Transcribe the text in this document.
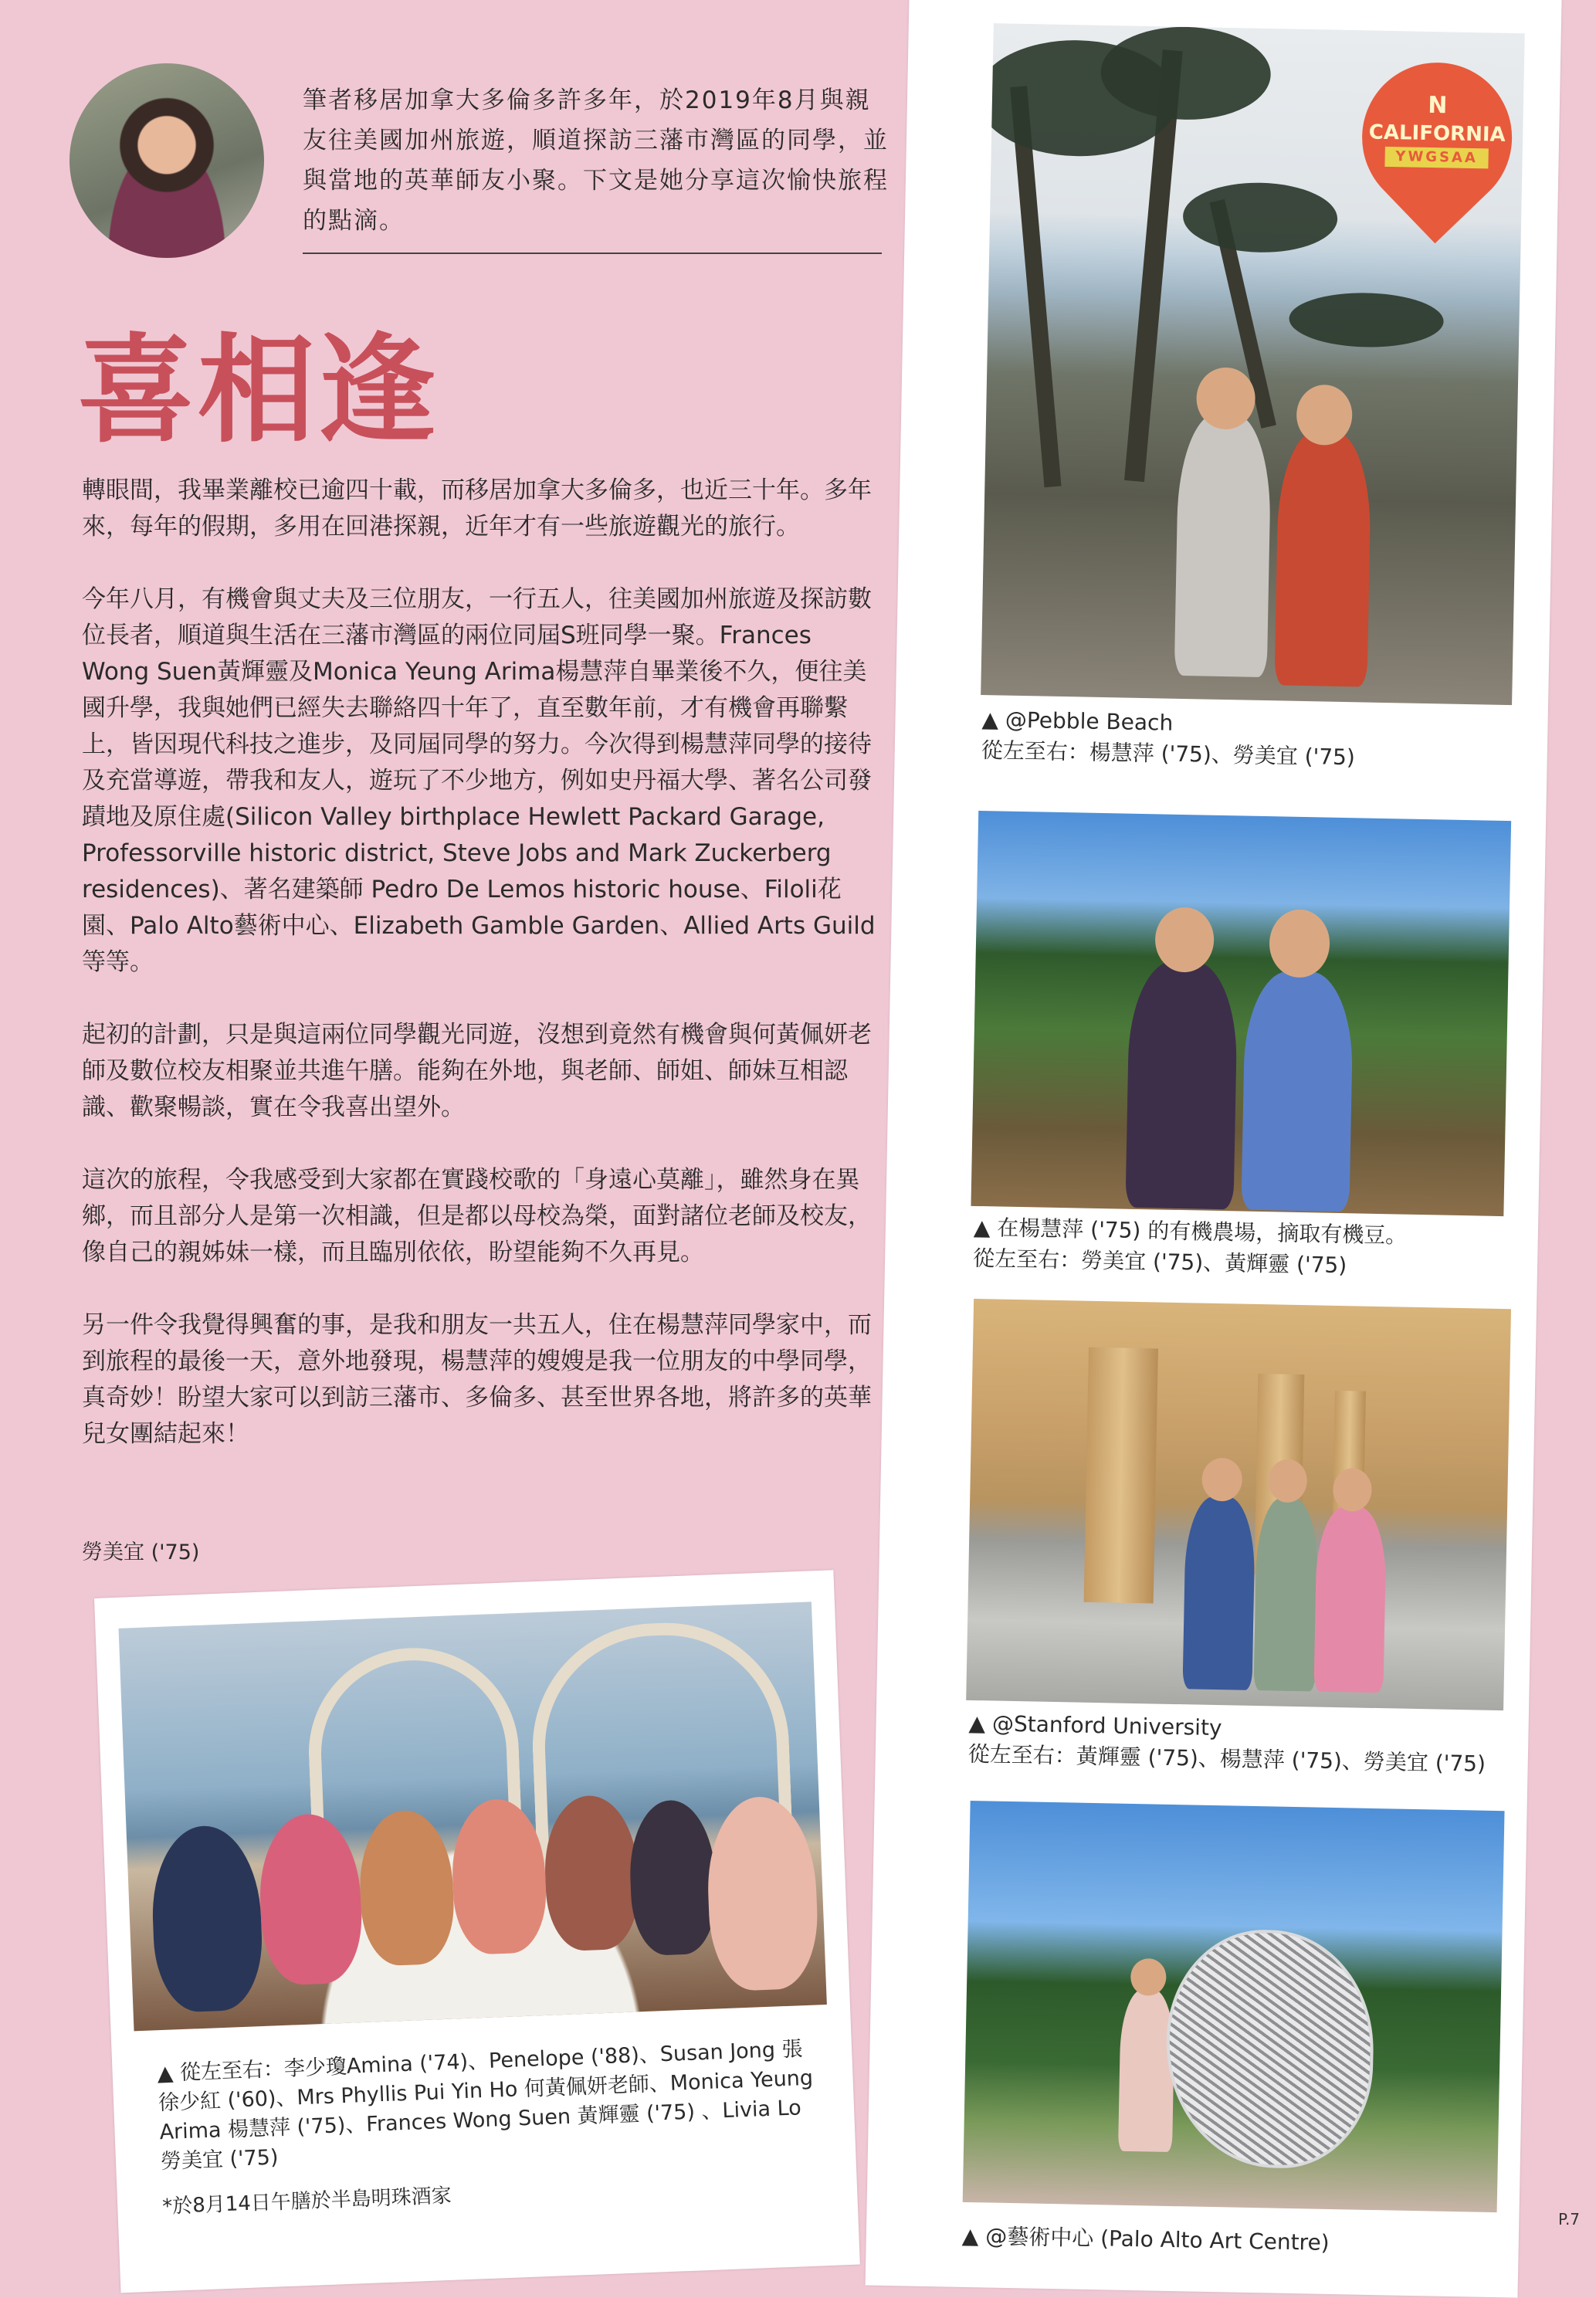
筆者移居加拿大多倫多許多年，於2019年8月與親友往美國加州旅遊，順道探訪三藩市灣區的同學，並與當地的英華師友小聚。下文是她分享這次愉快旅程的點滴。
喜相逢

轉眼間，我畢業離校已逾四十載，而移居加拿大多倫多，也近三十年。多年來，每年的假期，多用在回港探親，近年才有一些旅遊觀光的旅行。

今年八月，有機會與丈夫及三位朋友，一行五人，往美國加州旅遊及探訪數位長者，順道與生活在三藩市灣區的兩位同屆S班同學一聚。Frances Wong Suen黃輝靈及Monica Yeung Arima楊慧萍自畢業後不久，便往美國升學，我與她們已經失去聯絡四十年了，直至數年前，才有機會再聯繫上，皆因現代科技之進步，及同屆同學的努力。今次得到楊慧萍同學的接待及充當導遊，帶我和友人，遊玩了不少地方，例如史丹福大學、著名公司發蹟地及原住處(Silicon Valley birthplace Hewlett Packard Garage, Professorville historic district, Steve Jobs and Mark Zuckerberg residences)、著名建築師 Pedro De Lemos historic house、Filoli花園、Palo Alto藝術中心、Elizabeth Gamble Garden、Allied Arts Guild等等。

起初的計劃，只是與這兩位同學觀光同遊，沒想到竟然有機會與何黃佩妍老師及數位校友相聚並共進午膳。能夠在外地，與老師、師姐、師妹互相認識、歡聚暢談，實在令我喜出望外。

這次的旅程，令我感受到大家都在實踐校歌的「身遠心莫離」，雖然身在異鄉，而且部分人是第一次相識，但是都以母校為榮，面對諸位老師及校友，像自己的親姊妹一樣，而且臨別依依，盼望能夠不久再見。

另一件令我覺得興奮的事，是我和朋友一共五人，住在楊慧萍同學家中，而到旅程的最後一天，意外地發現，楊慧萍的嫂嫂是我一位朋友的中學同學，真奇妙！盼望大家可以到訪三藩市、多倫多、甚至世界各地，將許多的英華兒女團結起來！

勞美宜 ('75)
▲ 從左至右：李少瓊Amina ('74)、Penelope ('88)、Susan Jong 張徐少紅 ('60)、Mrs Phyllis Pui Yin Ho 何黃佩妍老師、Monica Yeung Arima 楊慧萍 ('75)、Frances Wong Suen 黃輝靈 ('75) 、Livia Lo 勞美宜 ('75)
*於8月14日午膳於半島明珠酒家
N
CALIFORNIA
YWGSAA
▲ @Pebble Beach
從左至右：楊慧萍 ('75)、勞美宜 ('75)
▲ 在楊慧萍 ('75) 的有機農場，摘取有機豆。
從左至右：勞美宜 ('75)、黃輝靈 ('75)
▲ @Stanford University
從左至右：黃輝靈 ('75)、楊慧萍 ('75)、勞美宜 ('75)
▲ @藝術中心 (Palo Alto Art Centre)
P.7
